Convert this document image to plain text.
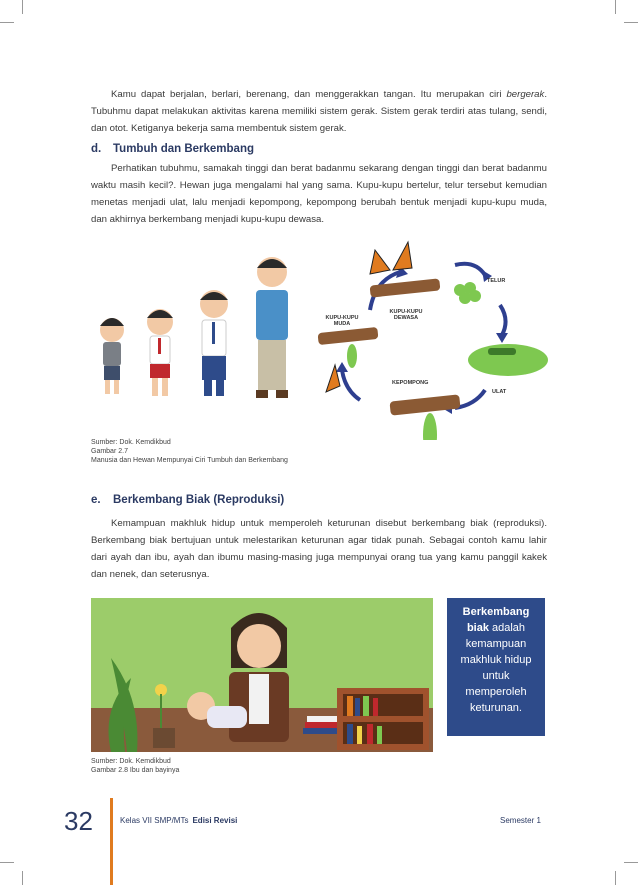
Kamu dapat berjalan, berlari, berenang, dan menggerakkan tangan. Itu merupakan ciri bergerak. Tubuhmu dapat melakukan aktivitas karena memiliki sistem gerak. Sistem gerak terdiri atas tulang, sendi, dan otot. Ketiganya bekerja sama membentuk sistem gerak.

d. Tumbuh dan Berkembang

Perhatikan tubuhmu, samakah tinggi dan berat badanmu sekarang dengan tinggi dan berat badanmu waktu masih kecil?. Hewan juga mengalami hal yang sama. Kupu-kupu bertelur, telur tersebut kemudian menetas menjadi ulat, lalu menjadi kepompong, kepompong berubah bentuk menjadi kupu-kupu muda, dan akhirnya berkembang menjadi kupu-kupu dewasa.

TELUR
ULAT
KEPOMPONG
KUPU-KUPU
MUDA
KUPU-KUPU
DEWASA
Sumber: Dok. Kemdikbud
Gambar 2.7
Manusia dan Hewan Mempunyai Ciri Tumbuh dan Berkembang
e. Berkembang Biak (Reproduksi)

Kemampuan makhluk hidup untuk memperoleh keturunan disebut berkembang biak (reproduksi). Berkembang biak bertujuan untuk melestarikan keturunan agar tidak punah. Sebagai contoh kamu lahir dari ayah dan ibu, ayah dan ibumu masing-masing juga mempunyai orang tua yang kamu panggil kakek dan nenek, dan seterusnya.

Berkembang biak adalah kemampuan makhluk hidup untuk memperoleh keturunan.
Sumber: Dok. Kemdikbud
Gambar 2.8 Ibu dan bayinya
32	Kelas VII SMP/MTs Edisi Revisi	Semester 1
